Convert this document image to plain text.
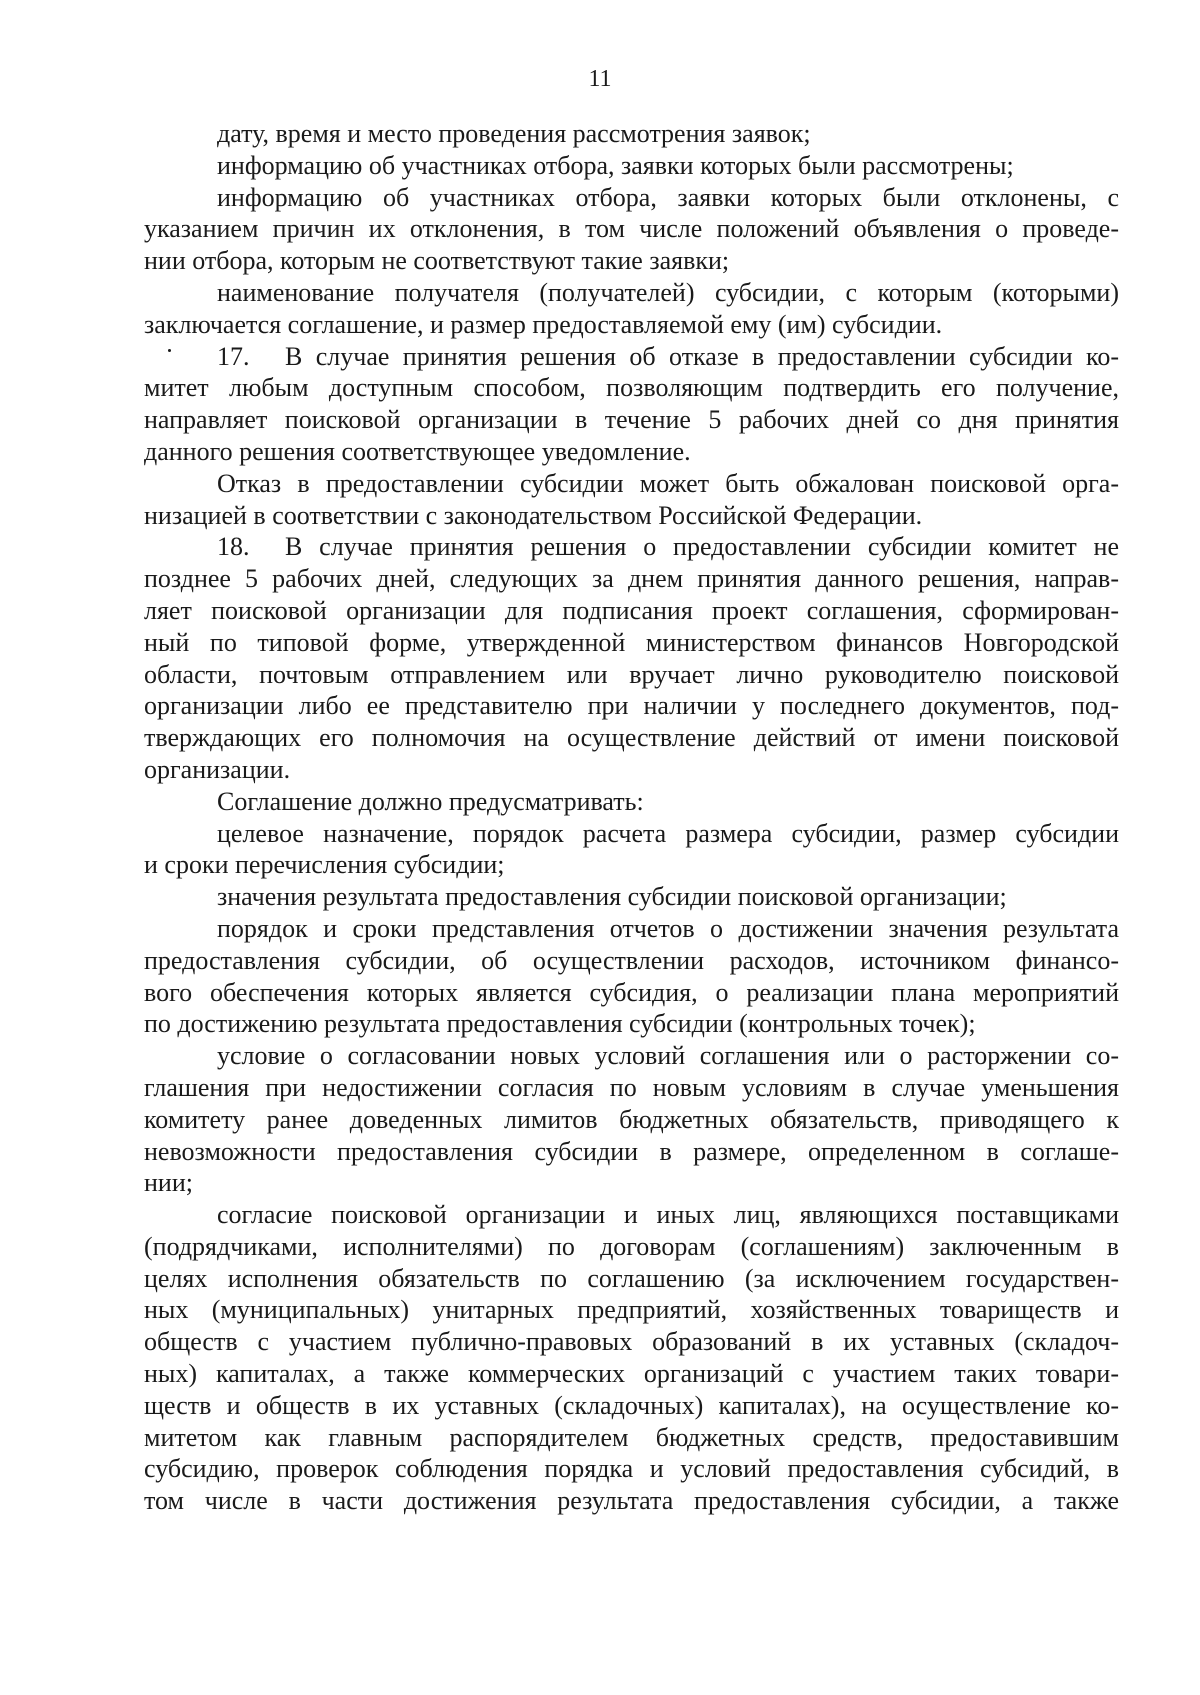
11
дату, время и место проведения рассмотрения заявок;
информацию об участниках отбора, заявки которых были рассмотрены;
информацию об участниках отбора, заявки которых были отклонены, с
указанием причин их отклонения, в том числе положений объявления о проведе-
нии отбора, которым не соответствуют такие заявки;
наименование получателя (получателей) субсидии, с которым (которыми)
заключается соглашение, и размер предоставляемой ему (им) субсидии.
17. В случае принятия решения об отказе в предоставлении субсидии ко-
митет любым доступным способом, позволяющим подтвердить его получение,
направляет поисковой организации в течение 5 рабочих дней со дня принятия
данного решения соответствующее уведомление.
Отказ в предоставлении субсидии может быть обжалован поисковой орга-
низацией в соответствии с законодательством Российской Федерации.
18. В случае принятия решения о предоставлении субсидии комитет не
позднее 5 рабочих дней, следующих за днем принятия данного решения, направ-
ляет поисковой организации для подписания проект соглашения, сформирован-
ный по типовой форме, утвержденной министерством финансов Новгородской
области, почтовым отправлением или вручает лично руководителю поисковой
организации либо ее представителю при наличии у последнего документов, под-
тверждающих его полномочия на осуществление действий от имени поисковой
организации.
Соглашение должно предусматривать:
целевое назначение, порядок расчета размера субсидии, размер субсидии
и сроки перечисления субсидии;
значения результата предоставления субсидии поисковой организации;
порядок и сроки представления отчетов о достижении значения результата
предоставления субсидии, об осуществлении расходов, источником финансо-
вого обеспечения которых является субсидия, о реализации плана мероприятий
по достижению результата предоставления субсидии (контрольных точек);
условие о согласовании новых условий соглашения или о расторжении со-
глашения при недостижении согласия по новым условиям в случае уменьшения
комитету ранее доведенных лимитов бюджетных обязательств, приводящего к
невозможности предоставления субсидии в размере, определенном в соглаше-
нии;
согласие поисковой организации и иных лиц, являющихся поставщиками
(подрядчиками, исполнителями) по договорам (соглашениям) заключенным в
целях исполнения обязательств по соглашению (за исключением государствен-
ных (муниципальных) унитарных предприятий, хозяйственных товариществ и
обществ с участием публично-правовых образований в их уставных (складоч-
ных) капиталах, а также коммерческих организаций с участием таких товари-
ществ и обществ в их уставных (складочных) капиталах), на осуществление ко-
митетом как главным распорядителем бюджетных средств, предоставившим
субсидию, проверок соблюдения порядка и условий предоставления субсидий, в
том числе в части достижения результата предоставления субсидии, а также
